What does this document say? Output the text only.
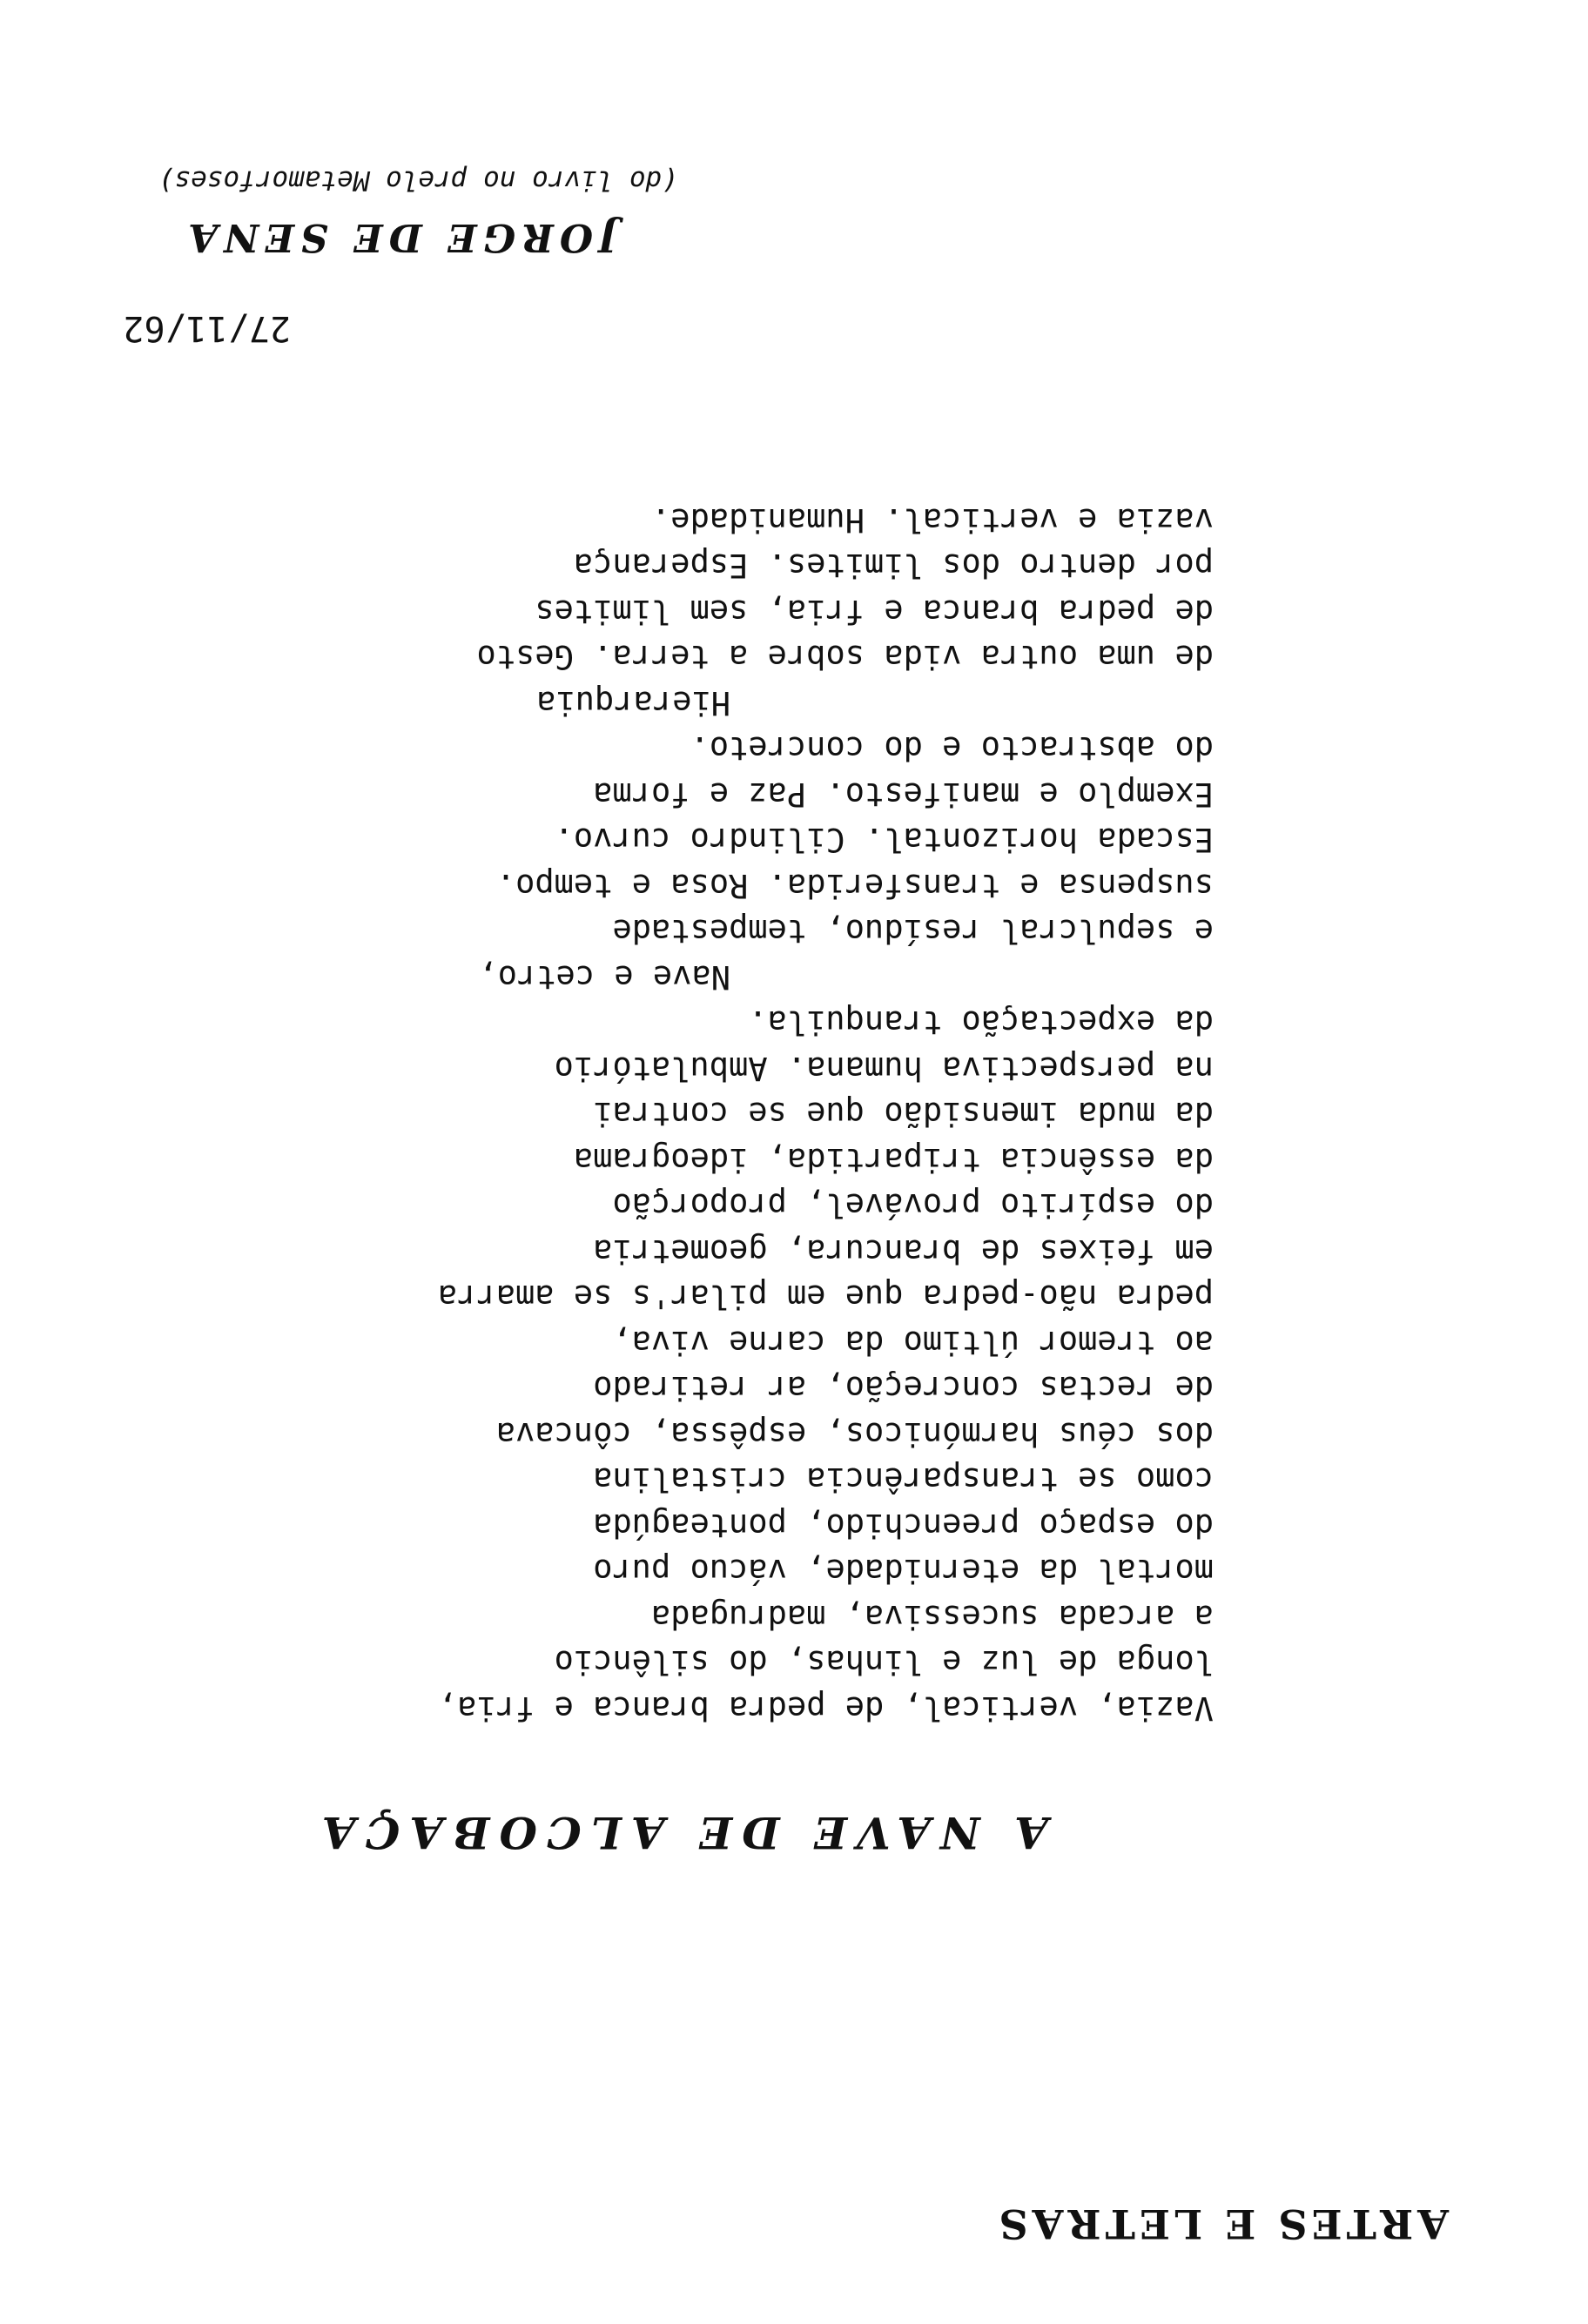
ARTES E LETRAS
A NAVE DE ALCOBAÇA
Vazia, vertical, de pedra branca e fria,
longa de luz e linhas, do silêncio
a arcada sucessiva, madrugada
mortal da eternidade, vácuo puro
do espaço preenchido, ponteagúda
como se transparência cristalina
dos céus harmónicos, espêssa, côncava
de rectas concreção, ar retirado
ao tremor último da carne viva,
pedra não-pedra que em pilar's se amarra
em feixes de brancura, geometria
do espírito provável, proporção
da essência tripartida, ideograma
da muda imensidão que se contrai
na perspectiva humana. Ambulatório
da expectação tranquila.
Nave e cetro,
e sepulcral resíduo, tempestade
suspensa e transferida. Rosa e tempo.
Escada horizontal. Cilindro curvo.
Exemplo e manifesto. Paz e forma
do abstracto e do concreto.
Hierarquia
de uma outra vida sobre a terra. Gesto
de pedra branca e fria, sem limites
por dentro dos limites. Esperança
vazia e vertical. Humanidade.

27/11/62

JORGE DE SENA

(do livro no prelo Metamorfoses)
